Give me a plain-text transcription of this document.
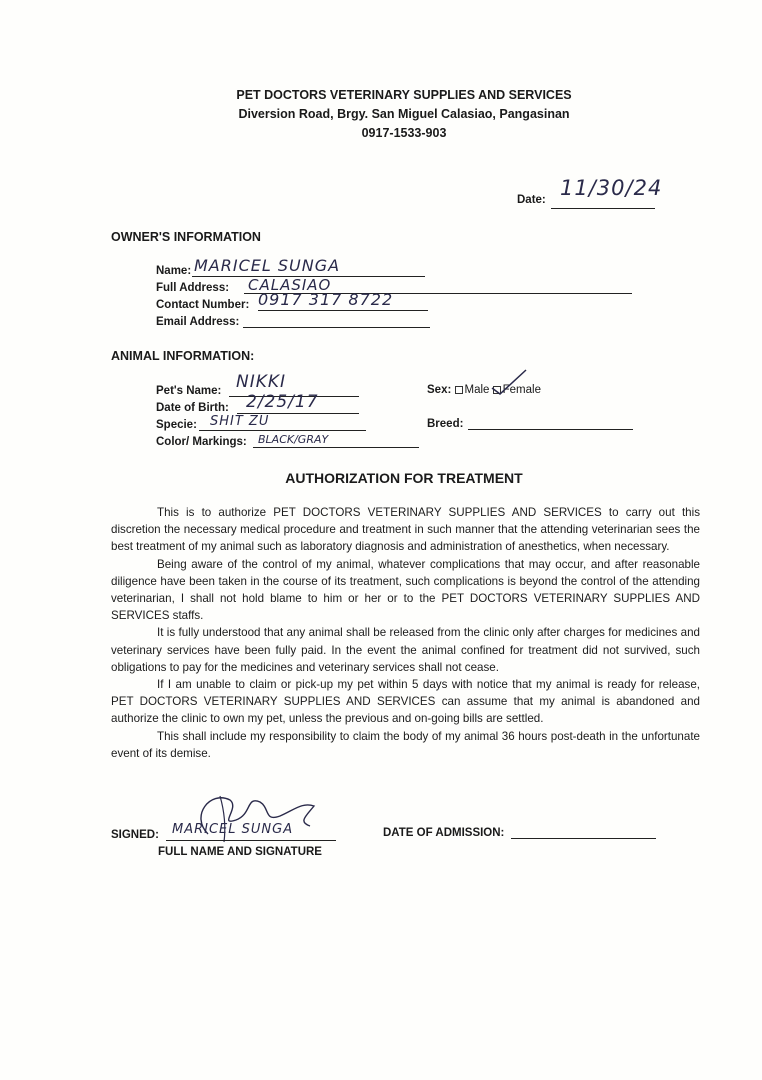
PET DOCTORS VETERINARY SUPPLIES AND SERVICES
Diversion Road, Brgy. San Miguel Calasiao, Pangasinan
0917-1533-903
Date: 11/30/24
OWNER'S INFORMATION
Name: MARICEL SUNGA
Full Address: CALASIAO
Contact Number: 0917 317 8722
Email Address:
ANIMAL INFORMATION:
Pet's Name: NIKKI
Date of Birth: 2/25/17
Specie: SHIT ZU
Color/ Markings: BLACK/GRAY
Sex: Male Female
Breed:
AUTHORIZATION FOR TREATMENT

This is to authorize PET DOCTORS VETERINARY SUPPLIES AND SERVICES to carry out this discretion the necessary medical procedure and treatment in such manner that the attending veterinarian sees the best treatment of my animal such as laboratory diagnosis and administration of anesthetics, when necessary.

Being aware of the control of my animal, whatever complications that may occur, and after reasonable diligence have been taken in the course of its treatment, such complications is beyond the control of the attending veterinarian, I shall not hold blame to him or her or to the PET DOCTORS VETERINARY SUPPLIES AND SERVICES staffs.

It is fully understood that any animal shall be released from the clinic only after charges for medicines and veterinary services have been fully paid. In the event the animal confined for treatment did not survived, such obligations to pay for the medicines and veterinary services shall not cease.

If I am unable to claim or pick-up my pet within 5 days with notice that my animal is ready for release, PET DOCTORS VETERINARY SUPPLIES AND SERVICES can assume that my animal is abandoned and authorize the clinic to own my pet, unless the previous and on-going bills are settled.

This shall include my responsibility to claim the body of my animal 36 hours post-death in the unfortunate event of its demise.

SIGNED: MARICEL SUNGA
FULL NAME AND SIGNATURE
DATE OF ADMISSION:
